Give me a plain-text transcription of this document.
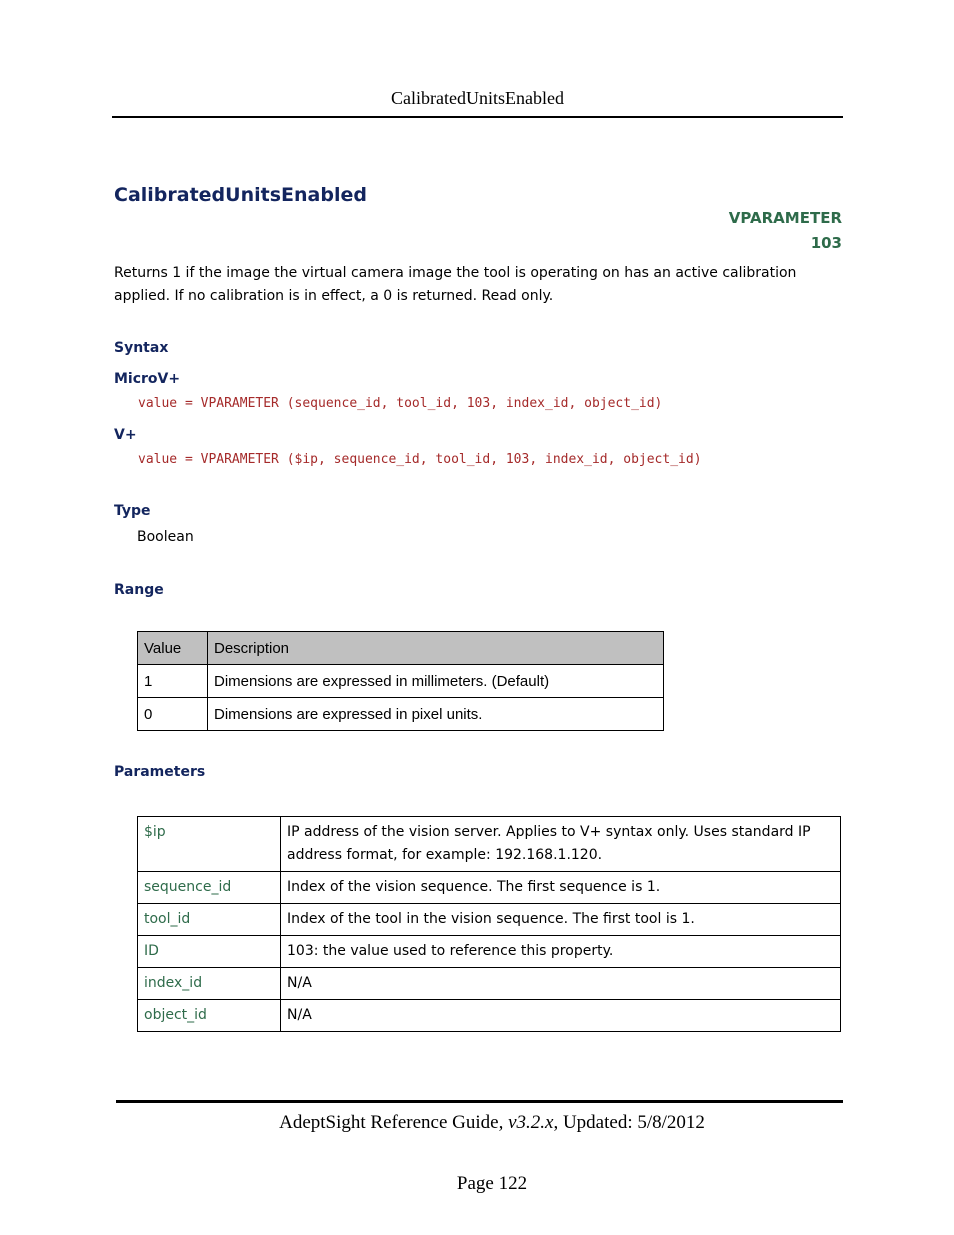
CalibratedUnitsEnabled
CalibratedUnitsEnabled
VPARAMETER
103

Returns 1 if the image the virtual camera image the tool is operating on has an active calibration applied. If no calibration is in effect, a 0 is returned. Read only.

Syntax
MicroV+
value = VPARAMETER (sequence_id, tool_id, 103, index_id, object_id)
V+
value = VPARAMETER ($ip, sequence_id, tool_id, 103, index_id, object_id)
Type
Boolean
Range
Value	Description
1	Dimensions are expressed in millimeters. (Default)
0	Dimensions are expressed in pixel units.
Parameters
$ip	IP address of the vision server. Applies to V+ syntax only. Uses standard IP address format, for example: 192.168.1.120.
sequence_id	Index of the vision sequence. The first sequence is 1.
tool_id	Index of the tool in the vision sequence. The first tool is 1.
ID	103: the value used to reference this property.
index_id	N/A
object_id	N/A
AdeptSight Reference Guide, v3.2.x, Updated: 5/8/2012
Page 122
